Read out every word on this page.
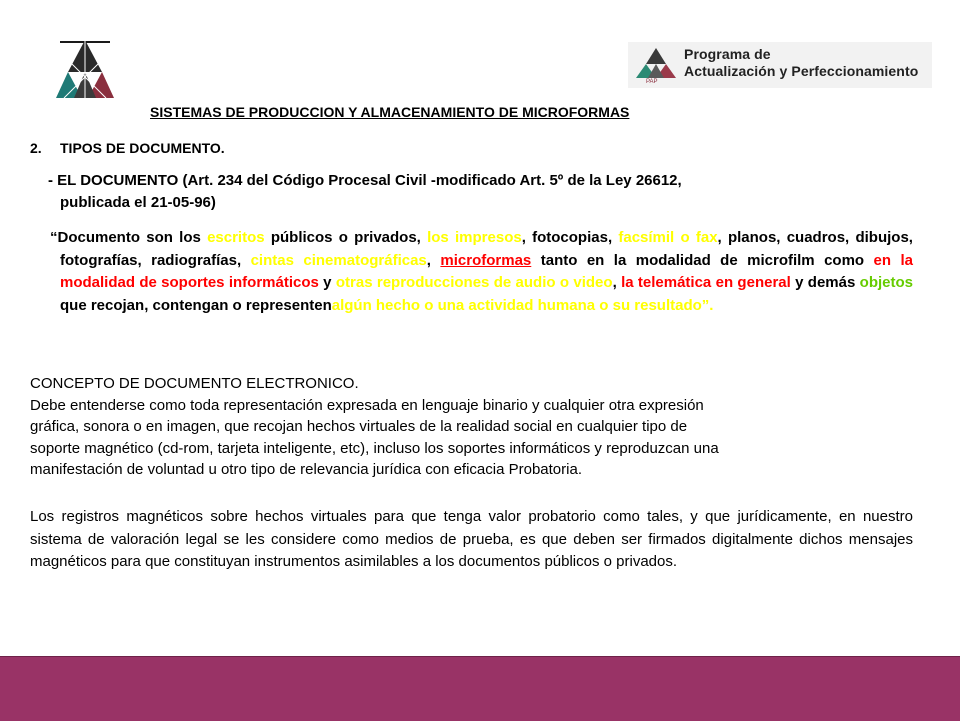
PAP
Programa de
Actualización y Perfeccionamiento
SISTEMAS DE PRODUCCION Y ALMACENAMIENTO DE MICROFORMAS
2. TIPOS DE DOCUMENTO.
- EL DOCUMENTO (Art. 234 del Código Procesal Civil -modificado Art. 5º de la Ley 26612,
publicada el 21-05-96)
“Documento son los escritos públicos o privados, los impresos, fotocopias, facsímil o fax, planos, cuadros, dibujos, fotografías, radiografías, cintas cinematográficas, microformas tanto en la modalidad de microfilm como en la modalidad de soportes informáticos y otras reproducciones de audio o video, la telemática en general y demás objetos que recojan, contengan o representenalgún hecho o una actividad humana o su resultado”.

CONCEPTO DE DOCUMENTO ELECTRONICO.

Debe entenderse como toda representación expresada en lenguaje binario y cualquier otra expresión

gráfica, sonora o en imagen, que recojan hechos virtuales de la realidad social en cualquier tipo de

soporte magnético (cd-rom, tarjeta inteligente, etc), incluso los soportes informáticos y reproduzcan una

manifestación de voluntad u otro tipo de relevancia jurídica con eficacia Probatoria.

Los registros magnéticos sobre hechos virtuales para que tenga valor probatorio como tales, y que jurídicamente, en nuestro sistema de valoración legal se les considere como medios de prueba, es que deben ser firmados digitalmente dichos mensajes magnéticos para que constituyan instrumentos asimilables a los documentos públicos o privados.
